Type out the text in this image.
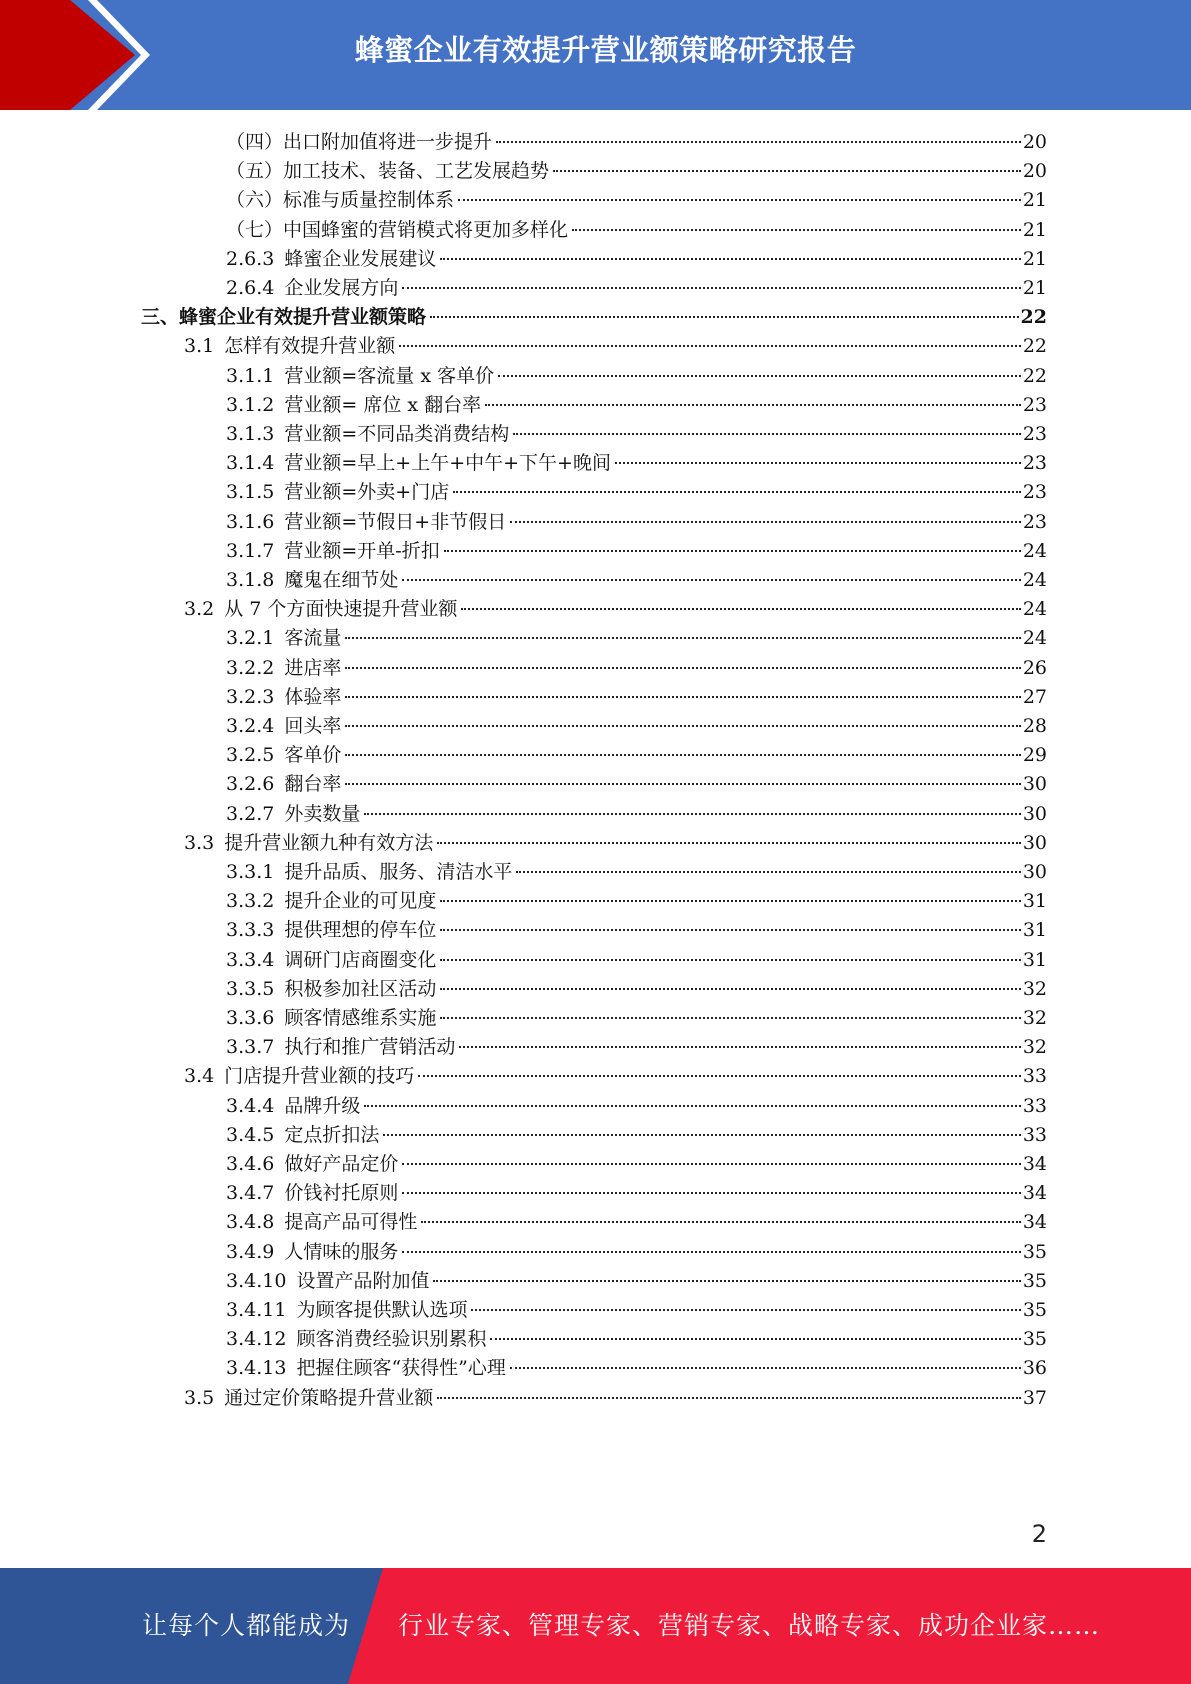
蜂蜜企业有效提升营业额策略研究报告
（四）出口附加值将进一步提升	20
（五）加工技术、装备、工艺发展趋势	20
（六）标准与质量控制体系	21
（七）中国蜂蜜的营销模式将更加多样化	21
2.6.3 蜂蜜企业发展建议	21
2.6.4 企业发展方向	21
三、蜂蜜企业有效提升营业额策略	22
3.1 怎样有效提升营业额	22
3.1.1 营业额=客流量 x 客单价	22
3.1.2 营业额= 席位 x 翻台率	23
3.1.3 营业额=不同品类消费结构	23
3.1.4 营业额=早上+上午+中午+下午+晚间	23
3.1.5 营业额=外卖+门店	23
3.1.6 营业额=节假日+非节假日	23
3.1.7 营业额=开单-折扣	24
3.1.8 魔鬼在细节处	24
3.2 从 7 个方面快速提升营业额	24
3.2.1 客流量	24
3.2.2 进店率	26
3.2.3 体验率	27
3.2.4 回头率	28
3.2.5 客单价	29
3.2.6 翻台率	30
3.2.7 外卖数量	30
3.3 提升营业额九种有效方法	30
3.3.1 提升品质、服务、清洁水平	30
3.3.2 提升企业的可见度	31
3.3.3 提供理想的停车位	31
3.3.4 调研门店商圈变化	31
3.3.5 积极参加社区活动	32
3.3.6 顾客情感维系实施	32
3.3.7 执行和推广营销活动	32
3.4 门店提升营业额的技巧	33
3.4.4 品牌升级	33
3.4.5 定点折扣法	33
3.4.6 做好产品定价	34
3.4.7 价钱衬托原则	34
3.4.8 提高产品可得性	34
3.4.9 人情味的服务	35
3.4.10 设置产品附加值	35
3.4.11 为顾客提供默认选项	35
3.4.12 顾客消费经验识别累积	35
3.4.13 把握住顾客“获得性”心理	36
3.5 通过定价策略提升营业额	37
2
让每个人都能成为 行业专家、管理专家、营销专家、战略专家、成功企业家……
